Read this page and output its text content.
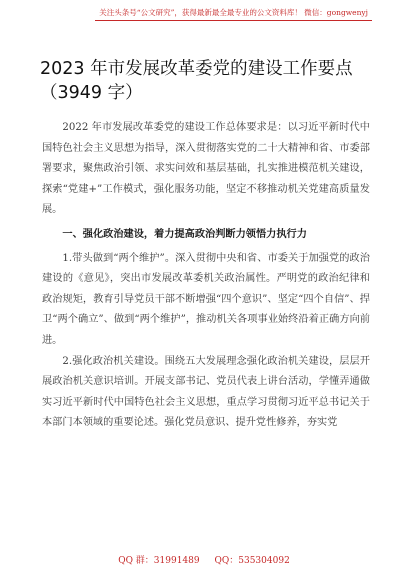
关注头条号“公文研究”，获得最新最全最专业的公文资料库！ 微信：gongwenyj
2023 年市发展改革委党的建设工作要点（3949 字）

2022 年市发展改革委党的建设工作总体要求是：以习近平新时代中国特色社会主义思想为指导，深入贯彻落实党的二十大精神和省、市委部署要求，聚焦政治引领、求实问效和基层基础，扎实推进模范机关建设，探索“党建+”工作模式，强化服务功能，坚定不移推动机关党建高质量发展。

一、强化政治建设，着力提高政治判断力领悟力执行力

1.带头做到“两个维护”。深入贯彻中央和省、市委关于加强党的政治建设的《意见》，突出市发展改革委机关政治属性。严明党的政治纪律和政治规矩，教育引导党员干部不断增强“四个意识”、坚定“四个自信”、捍卫“两个确立”、做到“两个维护”，推动机关各项事业始终沿着正确方向前进。

2.强化政治机关建设。围绕五大发展理念强化政治机关建设，层层开展政治机关意识培训。开展支部书记、党员代表上讲台活动，学懂弄通做实习近平新时代中国特色社会主义思想，重点学习贯彻习近平总书记关于本部门本领域的重要论述。强化党员意识、提升党性修养，夯实党

QQ 群：31991489 QQ：535304092
